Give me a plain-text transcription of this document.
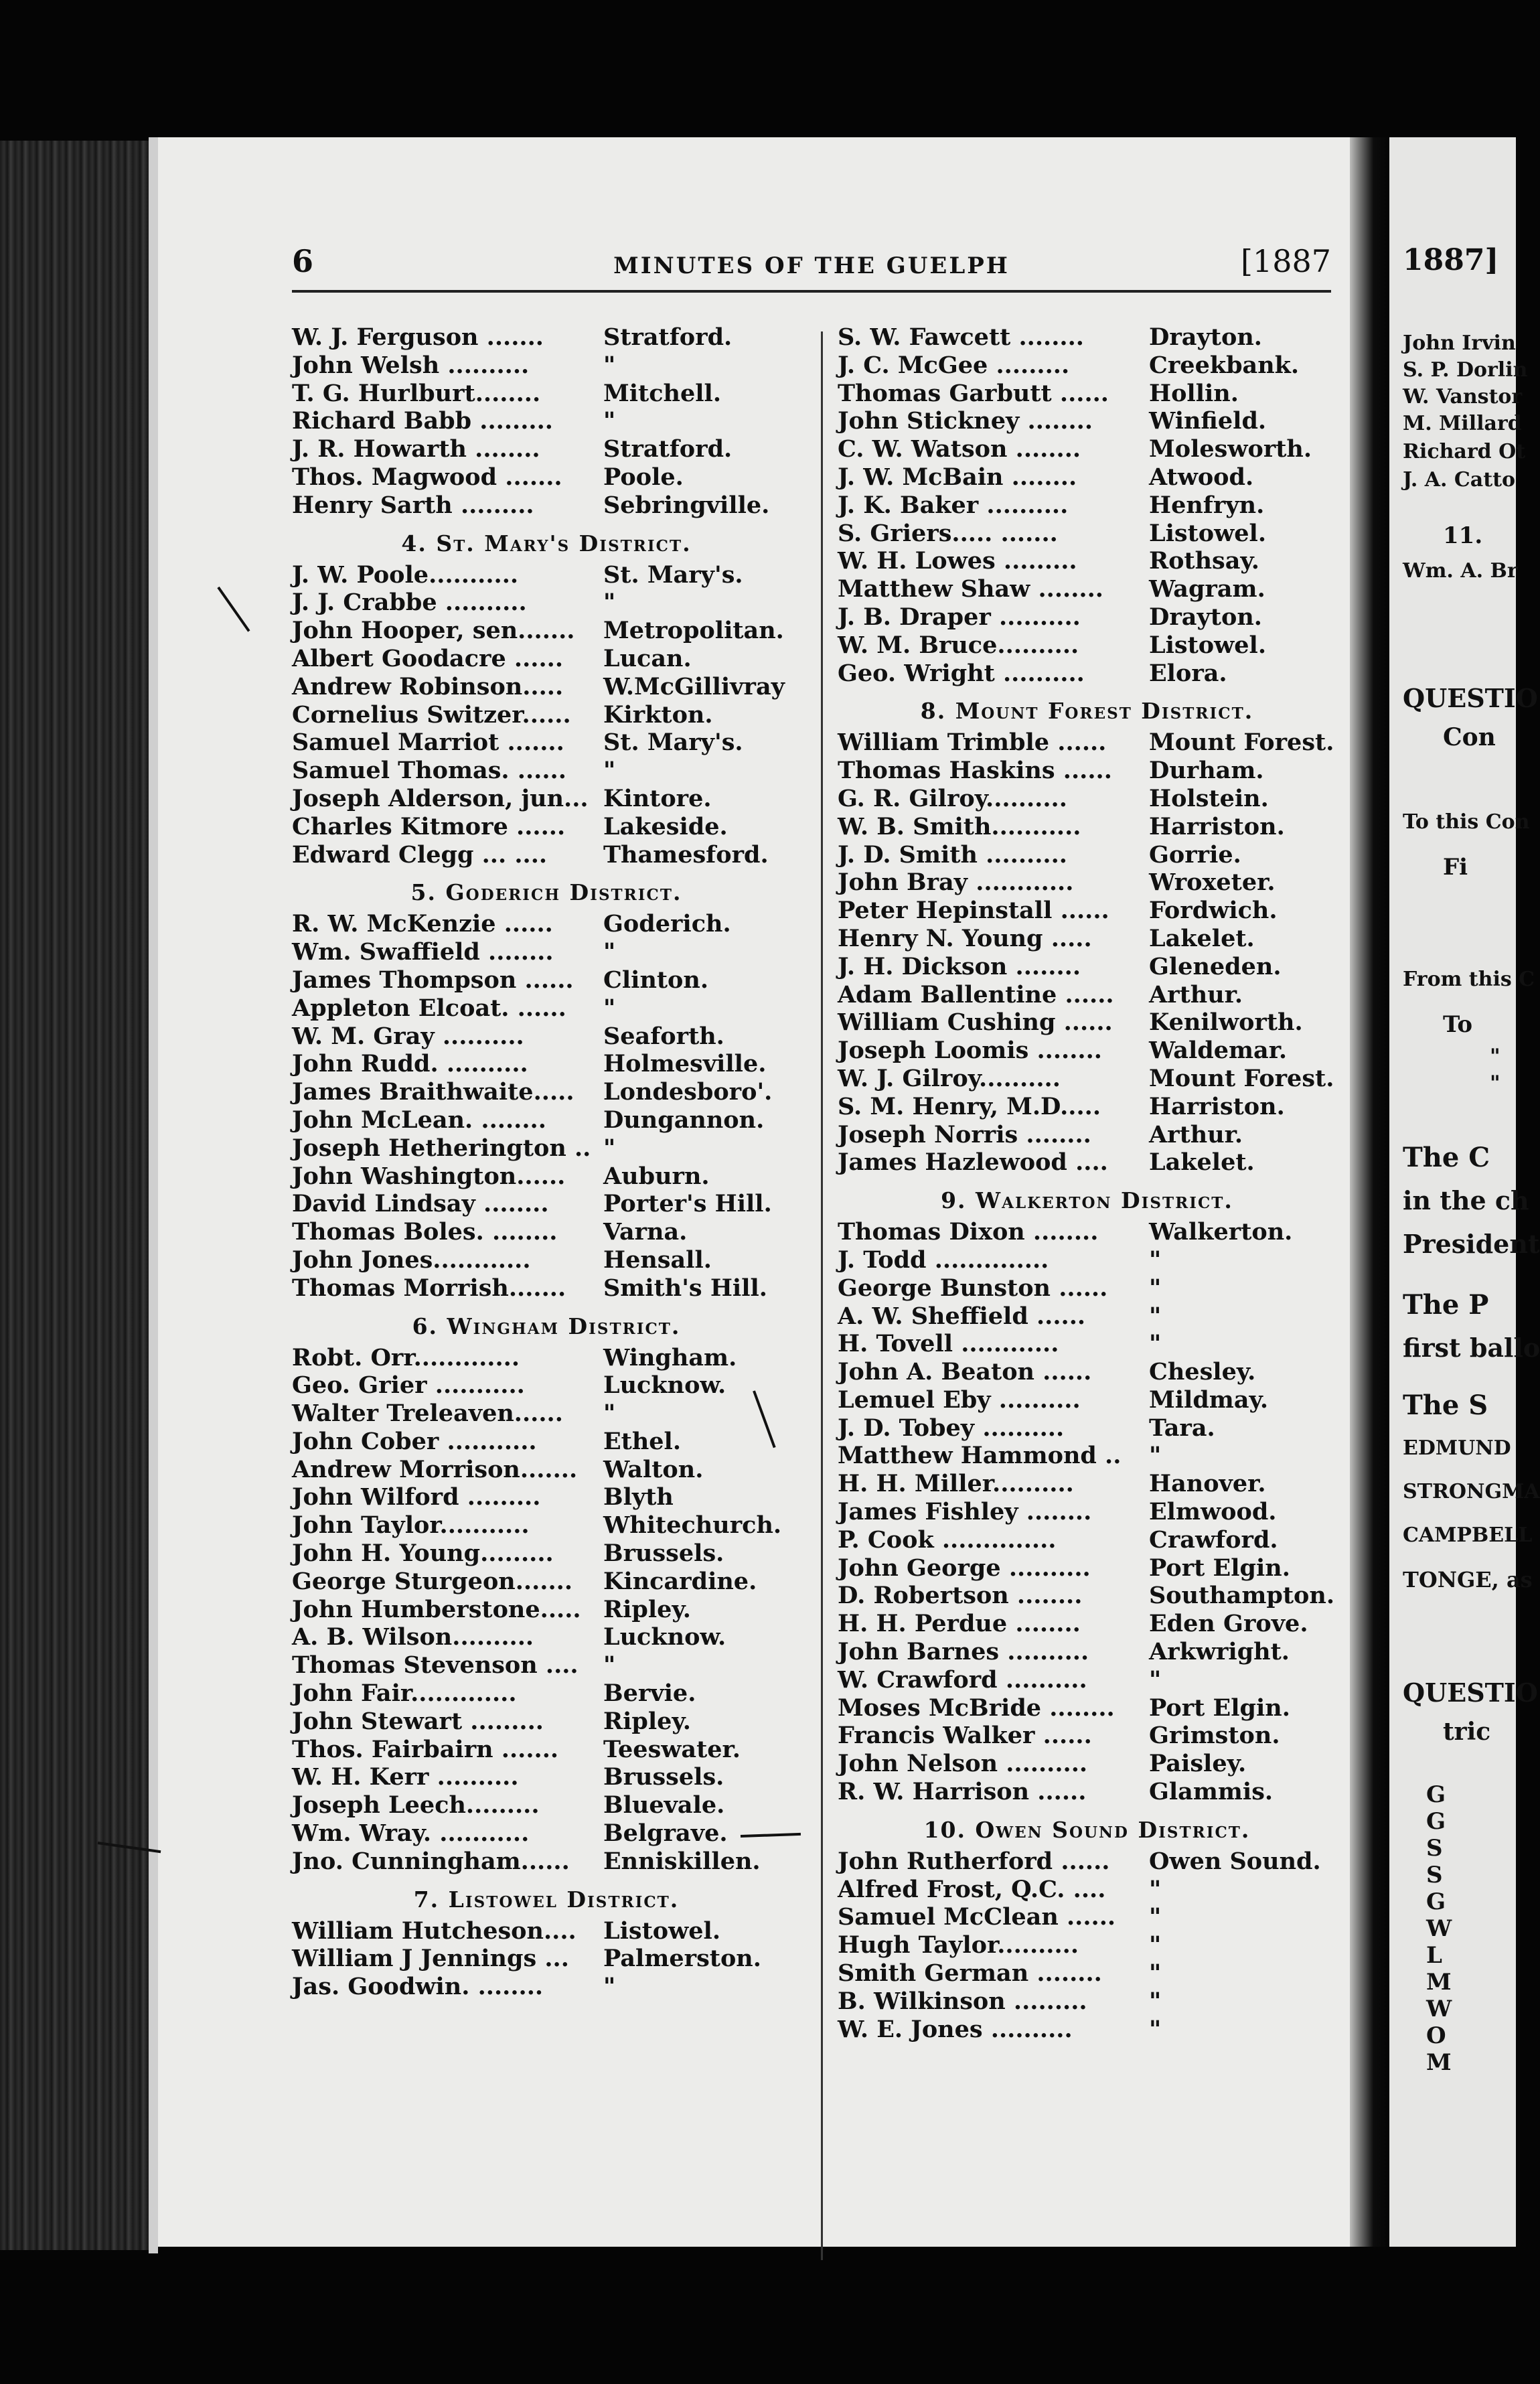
6	MINUTES OF THE GUELPH	[1887
W. J. Ferguson .......	Stratford.
John Welsh ..........	"
T. G. Hurlburt........	Mitchell.
Richard Babb ......... "
J. R. Howarth ........	Stratford.
Thos. Magwood ....... Poole.
Henry Sarth .........	Sebringville.
4. St. Mary's District.
J. W. Poole...........	St. Mary's.
J. J. Crabbe ..........	"
John Hooper, sen....... Metropolitan.
Albert Goodacre ...... Lucan.
Andrew Robinson..... W.McGillivray
Cornelius Switzer...... Kirkton.
Samuel Marriot ....... St. Mary's.
Samuel Thomas. ...... "
Joseph Alderson, jun... Kintore.
Charles Kitmore ...... Lakeside.
Edward Clegg ... .... Thamesford.
5. Goderich District.
R. W. McKenzie ...... Goderich.
Wm. Swaffield ........ "
James Thompson ...... Clinton.
Appleton Elcoat. ...... "
W. M. Gray ..........	Seaforth.
John Rudd. ..........	Holmesville.
James Braithwaite..... Londesboro'.
John McLean. ........ Dungannon.
Joseph Hetherington .. "
John Washington...... Auburn.
David Lindsay ........ Porter's Hill.
Thomas Boles. ........ Varna.
John Jones............	Hensall.
Thomas Morrish....... Smith's Hill.
6. Wingham District.
Robt. Orr.............	Wingham.
Geo. Grier ...........	Lucknow.
Walter Treleaven...... "
John Cober ...........	Ethel.
Andrew Morrison....... Walton.
John Wilford .........	Blyth
John Taylor...........	Whitechurch.
John H. Young......... Brussels.
George Sturgeon....... Kincardine.
John Humberstone..... Ripley.
A. B. Wilson..........	Lucknow.
Thomas Stevenson .... "
John Fair.............	Bervie.
John Stewart .........	Ripley.
Thos. Fairbairn ....... Teeswater.
W. H. Kerr ..........	Brussels.
Joseph Leech.........	Bluevale.
Wm. Wray. ...........	Belgrave.
Jno. Cunningham...... Enniskillen.
7. Listowel District.
William Hutcheson.... Listowel.
William J Jennings ... Palmerston.
Jas. Goodwin. ........	"
S. W. Fawcett ........	Drayton.
J. C. McGee .........	Creekbank.
Thomas Garbutt ...... Hollin.
John Stickney ........ Winfield.
C. W. Watson ........	Molesworth.
J. W. McBain ........	Atwood.
J. K. Baker ..........	Henfryn.
S. Griers..... .......	Listowel.
W. H. Lowes .........	Rothsay.
Matthew Shaw ........ Wagram.
J. B. Draper ..........	Drayton.
W. M. Bruce..........	Listowel.
Geo. Wright ..........	Elora.
8. Mount Forest District.
William Trimble ...... Mount Forest.
Thomas Haskins ...... Durham.
G. R. Gilroy..........	Holstein.
W. B. Smith...........	Harriston.
J. D. Smith ..........	Gorrie.
John Bray ............	Wroxeter.
Peter Hepinstall ...... Fordwich.
Henry N. Young ..... Lakelet.
J. H. Dickson ........	Gleneden.
Adam Ballentine ...... Arthur.
William Cushing ...... Kenilworth.
Joseph Loomis ........ Waldemar.
W. J. Gilroy..........	Mount Forest.
S. M. Henry, M.D..... Harriston.
Joseph Norris ........ Arthur.
James Hazlewood .... Lakelet.
9. Walkerton District.
Thomas Dixon ........ Walkerton.
J. Todd ..............	"
George Bunston ...... "
A. W. Sheffield ......	"
H. Tovell ............	"
John A. Beaton ...... Chesley.
Lemuel Eby ..........	Mildmay.
J. D. Tobey ..........	Tara.
Matthew Hammond .. "
H. H. Miller..........	Hanover.
James Fishley ........ Elmwood.
P. Cook ..............	Crawford.
John George .......... Port Elgin.
D. Robertson ........	Southampton.
H. H. Perdue ........	Eden Grove.
John Barnes ..........	Arkwright.
W. Crawford ..........	"
Moses McBride ........ Port Elgin.
Francis Walker ...... Grimston.
John Nelson ..........	Paisley.
R. W. Harrison ......	Glammis.
10. Owen Sound District.
John Rutherford ...... Owen Sound.
Alfred Frost, Q.C. .... "
Samuel McClean ...... "
Hugh Taylor..........	"
Smith German ........ "
B. Wilkinson .........	"
W. E. Jones ..........	"
1887]
John Irvin
S. P. Dorlin
W. Vanstor
M. Millard
Richard Ot
J. A. Catto
11.
Wm. A. Br
QUESTIO
Con
To this Con
Fi
From this C
To
"
"
The C
in the ch
President
The P
first ballo
The S
EDMUND
STRONGMA
CAMPBELL
TONGE, as
QUESTIO
tric
G
G
S
S
G
W
L
M
W
O
M
